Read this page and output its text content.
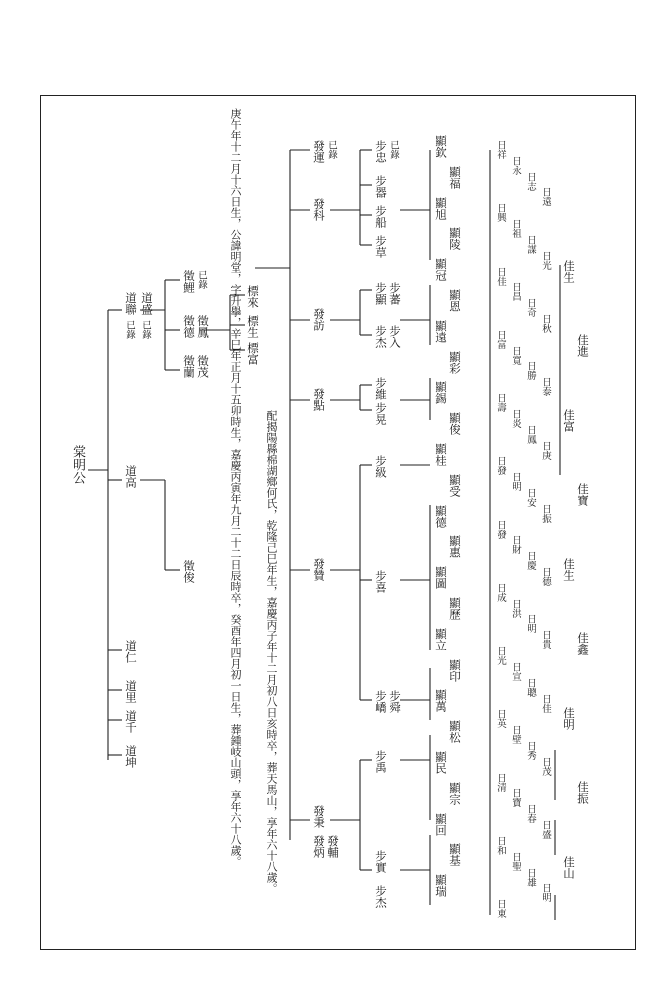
庚午年十二月十六日生，公諱明堂，字升擧，辛巳年正月十五卯時生，嘉慶丙寅年九月二十二日辰時卒，癸酉年四月初一日生，葬鍾岐山頭，享年六十八歲。
棠明公
道聯
已錄
道盛
已錄
道高
道仁
道里
道千
道坤
徵鯉 已錄
徵德 徵鳳
徵蘭 徵茂
徵俊	配揭陽縣棉湖鄉何氏，乾隆己巳年生，嘉慶丙子年十二月初八日亥時卒，葬天馬山，享年六十八歲。
標來
標生
標富
發運 已錄
發科
發訪
發點
發贊
發秉
發炳 發輔
步忠 已錄
步器
步船
步草
步顯 步蕃
步杰 步入
步維
步晃
步級
步喜
步嶠 步舜
步禹
步實
步杰
顯欽
顯福
顯旭
顯陵
顯冠
顯恩
顯遠
顯彩
顯錫
顯俊
顯桂
顯受
顯德
顯惠
顯圖
顯歷
顯立
顯印
顯萬
顯松
顯民
顯宗
顯回
顯基
顯瑞
日祥
日永
日志
日遠
日興
日祖
日謀
日光
日佳
日昌
日奇
日秋
日富
日寬
日勝
日泰
日壽
日炎
日鳳
日庚
日發
日明
日安
日振
日發
日財
日慶
日德
日成
日洪
日明
日貴
日光
日宣
日聰
日佳
日英
日壁
日秀
日茂
日清
日寶
日春
日盛
日和
日聖
日雄
日明
日東
佳生
佳進
佳富
佳寶
佳生
佳鑫
佳明
佳振
佳山
